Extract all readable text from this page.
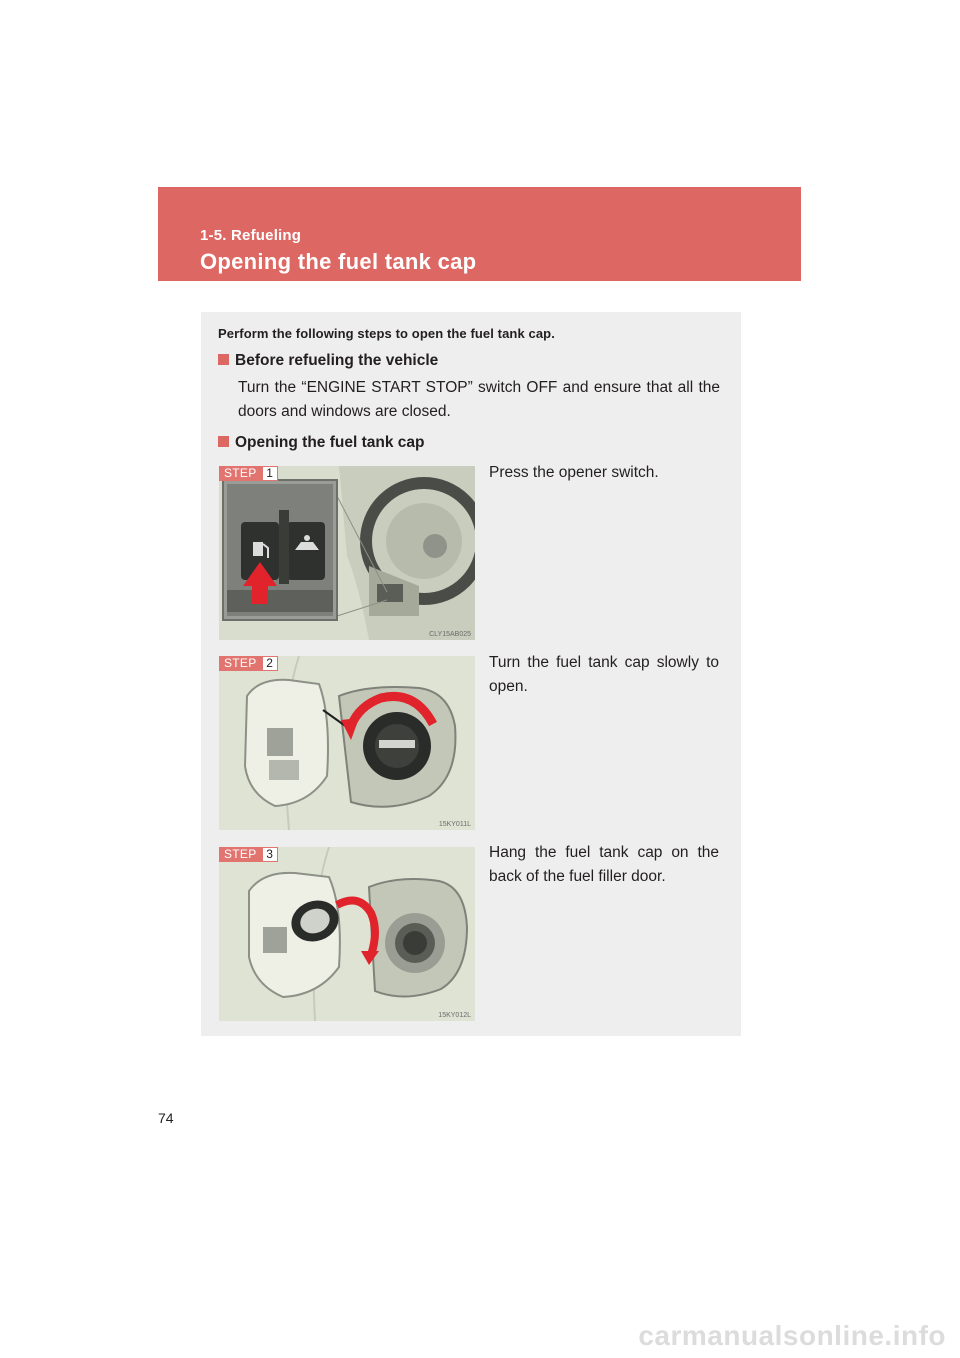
1-5. Refueling
Opening the fuel tank cap
Perform the following steps to open the fuel tank cap.
Before refueling the vehicle
Turn the “ENGINE START STOP” switch OFF and ensure that all the doors and windows are closed.
Opening the fuel tank cap
STEP 1
CLY15AB025
Press the opener switch.
STEP 2
15KY011L
Turn the fuel tank cap slowly to open.
STEP 3
15KY012L
Hang the fuel tank cap on the back of the fuel filler door.
74
carmanualsonline.info
